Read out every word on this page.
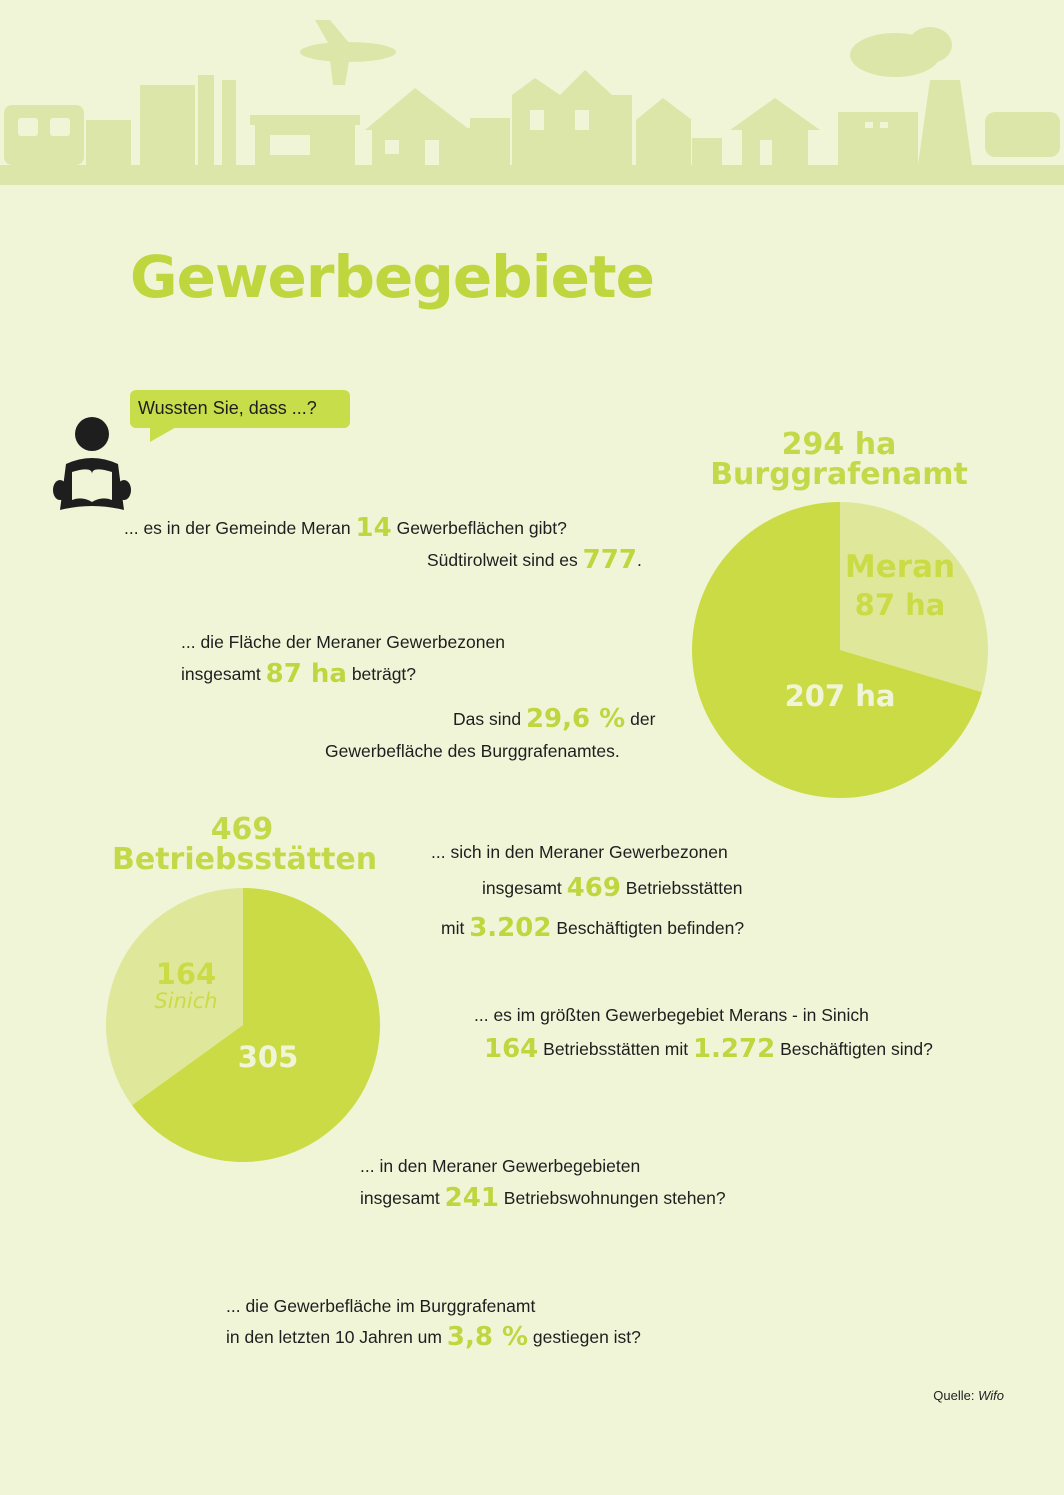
Gewerbegebiete
Wussten Sie, dass ...?
... es in der Gemeinde Meran 14 Gewerbeflächen gibt?
Südtirolweit sind es 777.
... die Fläche der Meraner Gewerbezonen
insgesamt 87 ha beträgt?
Das sind 29,6 % der
Gewerbefläche des Burggrafenamtes.
294 ha
Burggrafenamt
Meran
87 ha
207 ha
469
Betriebsstätten
164
Sinich
305
... sich in den Meraner Gewerbezonen
insgesamt 469 Betriebsstätten
mit 3.202 Beschäftigten befinden?
... es im größten Gewerbegebiet Merans - in Sinich
164 Betriebsstätten mit 1.272 Beschäftigten sind?
... in den Meraner Gewerbegebieten
insgesamt 241 Betriebswohnungen stehen?
... die Gewerbefläche im Burggrafenamt
in den letzten 10 Jahren um 3,8 % gestiegen ist?
Quelle: Wifo
